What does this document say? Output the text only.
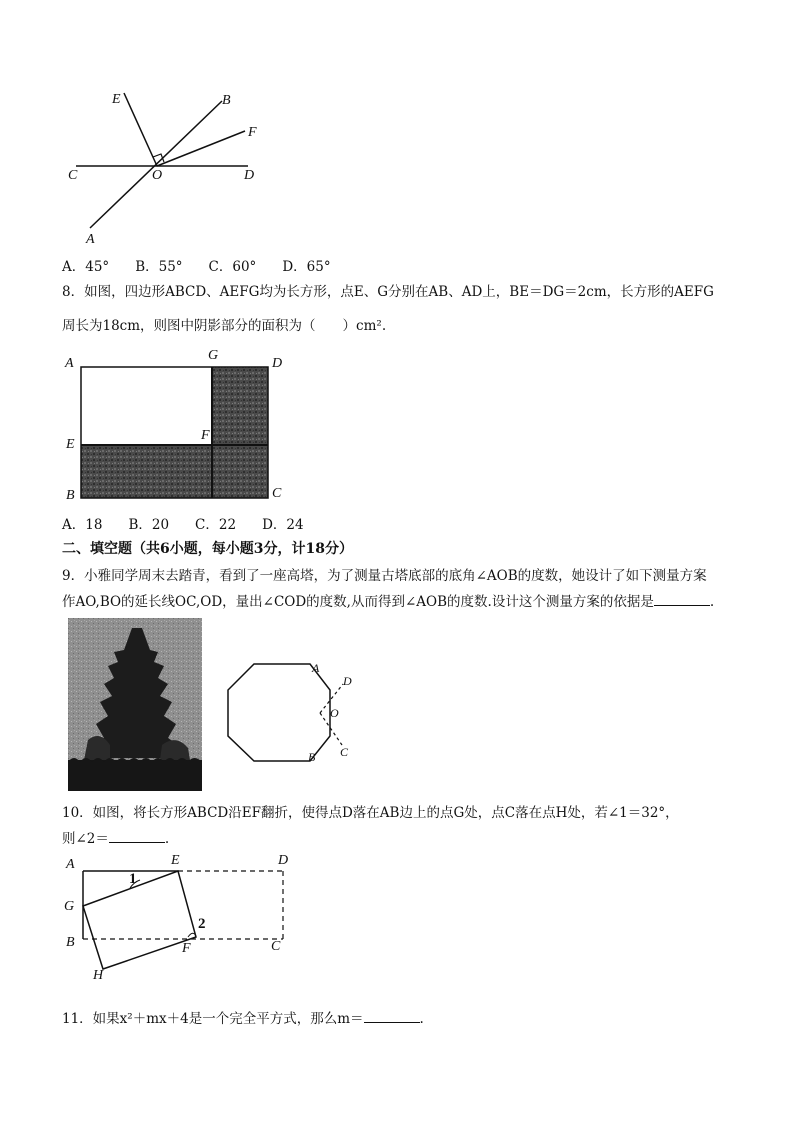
E	B
F
C	O	D
A
A．45° B．55° C．60° D．65°
8．如图，四边形ABCD、AEFG均为长方形，点E、G分别在AB、AD上，BE＝DG＝2cm，长方形的AEFG
周长为18cm，则图中阴影部分的面积为（　　）cm².
A
G
D
E
F
B	C
A．18 B．20 C．22 D．24
二、填空题（共6小题，每小题3分，计18分）
9．小雅同学周末去踏青，看到了一座高塔，为了测量古塔底部的底角∠AOB的度数，她设计了如下测量方案
作AO,BO的延长线OC,OD，量出∠COD的度数,从而得到∠AOB的度数.设计这个测量方案的依据是	.
A
D
O
B C
10．如图，将长方形ABCD沿EF翻折，使得点D落在AB边上的点G处，点C落在点H处，若∠1＝32°，
则∠2＝	.
A	E	D
1
G
2
B	F	C
H
11．如果x²＋mx＋4是一个完全平方式，那么m＝	.
